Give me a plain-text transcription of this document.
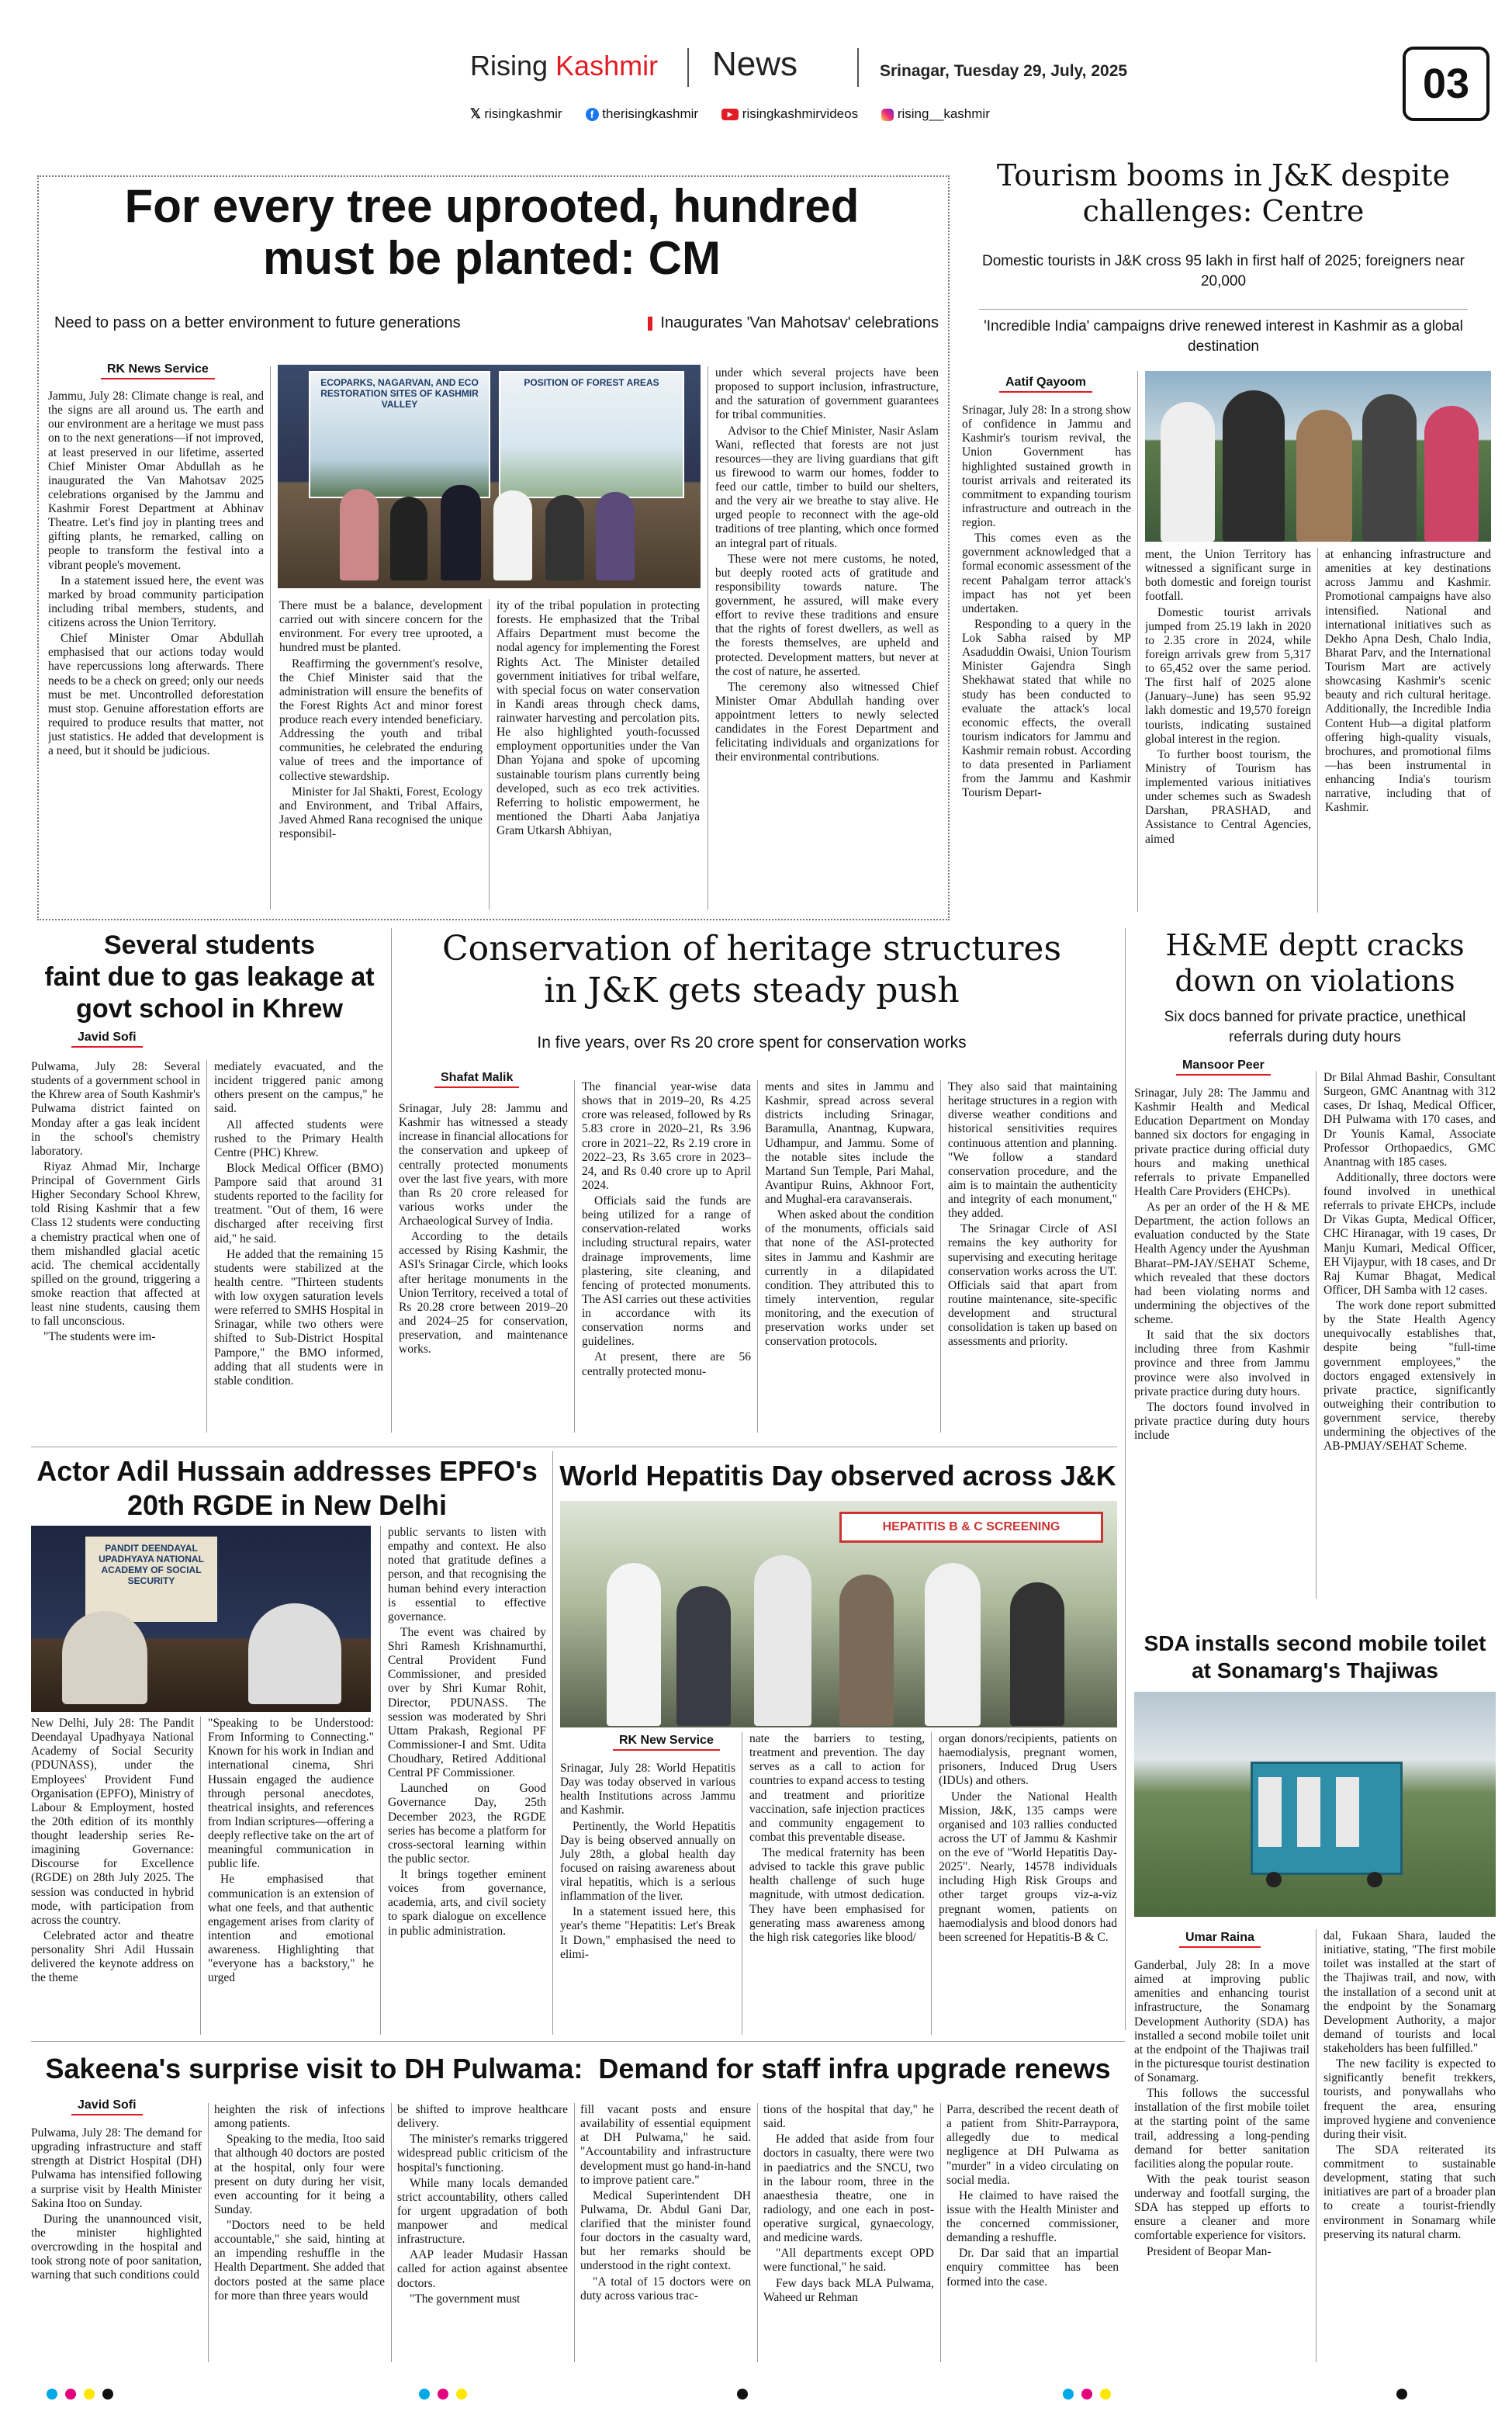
Rising Kashmir News	Srinagar, Tuesday 29, July, 2025	03
𝕏 risingkashmir	f therisingkashmir	▶ risingkashmirvideos	rising__kashmir
For every tree uprooted, hundred
must be planted: CM
Need to pass on a better environment to future generations	Inaugurates 'Van Mahotsav' celebrations
RK News Service

Jammu, July 28: Climate change is real, and the signs are all around us. The earth and our environment are a heritage we must pass on to the next generations—if not improved, at least preserved in our lifetime, asserted Chief Minister Omar Abdullah as he inaugurated the Van Mahotsav 2025 celebrations organised by the Jammu and Kashmir Forest Department at Abhinav Theatre. Let's find joy in planting trees and gifting plants, he remarked, calling on people to transform the festival into a vibrant people's movement.

In a statement issued here, the event was marked by broad community participation including tribal members, students, and citizens across the Union Territory.

Chief Minister Omar Abdullah emphasised that our actions today would have repercussions long afterwards. There needs to be a check on greed; only our needs must be met. Uncontrolled deforestation must stop. Genuine afforestation efforts are required to produce results that matter, not just statistics. He added that development is a need, but it should be judicious.

ECOPARKS, NAGARVAN, AND ECO RESTORATION SITES OF KASHMIR VALLEY
POSITION OF FOREST AREAS

There must be a balance, development carried out with sincere concern for the environment. For every tree uprooted, a hundred must be planted.

Reaffirming the government's resolve, the Chief Minister said that the administration will ensure the benefits of the Forest Rights Act and minor forest produce reach every intended beneficiary. Addressing the youth and tribal communities, he celebrated the enduring value of trees and the importance of collective stewardship.

Minister for Jal Shakti, Forest, Ecology and Environment, and Tribal Affairs, Javed Ahmed Rana recognised the unique responsibil-

ity of the tribal population in protecting forests. He emphasized that the Tribal Affairs Department must become the nodal agency for implementing the Forest Rights Act. The Minister detailed government initiatives for tribal welfare, with special focus on water conservation in Kandi areas through check dams, rainwater harvesting and percolation pits. He also highlighted youth-focussed employment opportunities under the Van Dhan Yojana and spoke of upcoming sustainable tourism plans currently being developed, such as eco trek activities. Referring to holistic empowerment, he mentioned the Dharti Aaba Janjatiya Gram Utkarsh Abhiyan,

under which several projects have been proposed to support inclusion, infrastructure, and the saturation of government guarantees for tribal communities.

Advisor to the Chief Minister, Nasir Aslam Wani, reflected that forests are not just resources—they are living guardians that gift us firewood to warm our homes, fodder to feed our cattle, timber to build our shelters, and the very air we breathe to stay alive. He urged people to reconnect with the age-old traditions of tree planting, which once formed an integral part of rituals.

These were not mere customs, he noted, but deeply rooted acts of gratitude and responsibility towards nature. The government, he assured, will make every effort to revive these traditions and ensure that the rights of forest dwellers, as well as the forests themselves, are upheld and protected. Development matters, but never at the cost of nature, he asserted.

The ceremony also witnessed Chief Minister Omar Abdullah handing over appointment letters to newly selected candidates in the Forest Department and felicitating individuals and organizations for their environmental contributions.

Tourism booms in J&K despite
challenges: Centre
Domestic tourists in J&K cross 95 lakh in first half of 2025; foreigners near 20,000
'Incredible India' campaigns drive renewed interest in Kashmir as a global destination
Aatif Qayoom

Srinagar, July 28: In a strong show of confidence in Jammu and Kashmir's tourism revival, the Union Government has highlighted sustained growth in tourist arrivals and reiterated its commitment to expanding tourism infrastructure and outreach in the region.

This comes even as the government acknowledged that a formal economic assessment of the recent Pahalgam terror attack's impact has not yet been undertaken.

Responding to a query in the Lok Sabha raised by MP Asaduddin Owaisi, Union Tourism Minister Gajendra Singh Shekhawat stated that while no study has been conducted to evaluate the attack's local economic effects, the overall tourism indicators for Jammu and Kashmir remain robust. According to data presented in Parliament from the Jammu and Kashmir Tourism Depart-

ment, the Union Territory has witnessed a significant surge in both domestic and foreign tourist footfall.

Domestic tourist arrivals jumped from 25.19 lakh in 2020 to 2.35 crore in 2024, while foreign arrivals grew from 5,317 to 65,452 over the same period. The first half of 2025 alone (January–June) has seen 95.92 lakh domestic and 19,570 foreign tourists, indicating sustained global interest in the region.

To further boost tourism, the Ministry of Tourism has implemented various initiatives under schemes such as Swadesh Darshan, PRASHAD, and Assistance to Central Agencies, aimed

at enhancing infrastructure and amenities at key destinations across Jammu and Kashmir. Promotional campaigns have also intensified. National and international initiatives such as Dekho Apna Desh, Chalo India, Bharat Parv, and the International Tourism Mart are actively showcasing Kashmir's scenic beauty and rich cultural heritage. Additionally, the Incredible India Content Hub—a digital platform offering high-quality visuals, brochures, and promotional films—has been instrumental in enhancing India's tourism narrative, including that of Kashmir.

Several students
faint due to gas leakage at
govt school in Khrew
Javid Sofi

Pulwama, July 28: Several students of a government school in the Khrew area of South Kashmir's Pulwama district fainted on Monday after a gas leak incident in the school's chemistry laboratory.

Riyaz Ahmad Mir, Incharge Principal of Government Girls Higher Secondary School Khrew, told Rising Kashmir that a few Class 12 students were conducting a chemistry practical when one of them mishandled glacial acetic acid. The chemical accidentally spilled on the ground, triggering a smoke reaction that affected at least nine students, causing them to fall unconscious.

"The students were im-

mediately evacuated, and the incident triggered panic among others present on the campus," he said.

All affected students were rushed to the Primary Health Centre (PHC) Khrew.

Block Medical Officer (BMO) Pampore said that around 31 students reported to the facility for treatment. "Out of them, 16 were discharged after receiving first aid," he said.

He added that the remaining 15 students were stabilized at the health centre. "Thirteen students with low oxygen saturation levels were referred to SMHS Hospital in Srinagar, while two others were shifted to Sub-District Hospital Pampore," the BMO informed, adding that all students were in stable condition.

Conservation of heritage structures
in J&K gets steady push
In five years, over Rs 20 crore spent for conservation works
Shafat Malik

Srinagar, July 28: Jammu and Kashmir has witnessed a steady increase in financial allocations for the conservation and upkeep of centrally protected monuments over the last five years, with more than Rs 20 crore released for various works under the Archaeological Survey of India.

According to the details accessed by Rising Kashmir, the ASI's Srinagar Circle, which looks after heritage monuments in the Union Territory, received a total of Rs 20.28 crore between 2019–20 and 2024–25 for conservation, preservation, and maintenance works.

The financial year-wise data shows that in 2019–20, Rs 4.25 crore was released, followed by Rs 5.83 crore in 2020–21, Rs 3.96 crore in 2021–22, Rs 2.19 crore in 2022–23, Rs 3.65 crore in 2023–24, and Rs 0.40 crore up to April 2024.

Officials said the funds are being utilized for a range of conservation-related works including structural repairs, water drainage improvements, lime plastering, site cleaning, and fencing of protected monuments. The ASI carries out these activities in accordance with its conservation norms and guidelines.

At present, there are 56 centrally protected monu-

ments and sites in Jammu and Kashmir, spread across several districts including Srinagar, Baramulla, Anantnag, Kupwara, Udhampur, and Jammu. Some of the notable sites include the Martand Sun Temple, Pari Mahal, Avantipur Ruins, Akhnoor Fort, and Mughal-era caravanserais.

When asked about the condition of the monuments, officials said that none of the ASI-protected sites in Jammu and Kashmir are currently in a dilapidated condition. They attributed this to timely intervention, regular monitoring, and the execution of preservation works under set conservation protocols.

They also said that maintaining heritage structures in a region with diverse weather conditions and historical sensitivities requires continuous attention and planning. "We follow a standard conservation procedure, and the aim is to maintain the authenticity and integrity of each monument," they added.

The Srinagar Circle of ASI remains the key authority for supervising and executing heritage conservation works across the UT. Officials said that apart from routine maintenance, site-specific development and structural consolidation is taken up based on assessments and priority.

H&ME deptt cracks
down on violations
Six docs banned for private practice, unethical referrals during duty hours
Mansoor Peer

Srinagar, July 28: The Jammu and Kashmir Health and Medical Education Department on Monday banned six doctors for engaging in private practice during official duty hours and making unethical referrals to private Empanelled Health Care Providers (EHCPs).

As per an order of the H & ME Department, the action follows an evaluation conducted by the State Health Agency under the Ayushman Bharat–PM-JAY/SEHAT Scheme, which revealed that these doctors had been violating norms and undermining the objectives of the scheme.

It said that the six doctors including three from Kashmir province and three from Jammu province were also involved in private practice during duty hours.

The doctors found involved in private practice during duty hours include

Dr Bilal Ahmad Bashir, Consultant Surgeon, GMC Anantnag with 312 cases, Dr Ishaq, Medical Officer, DH Pulwama with 170 cases, and Dr Younis Kamal, Associate Professor Orthopaedics, GMC Anantnag with 185 cases.

Additionally, three doctors were found involved in unethical referrals to private EHCPs, include Dr Vikas Gupta, Medical Officer, CHC Hiranagar, with 19 cases, Dr Manju Kumari, Medical Officer, EH Vijaypur, with 18 cases, and Dr Raj Kumar Bhagat, Medical Officer, DH Samba with 12 cases.

The work done report submitted by the State Health Agency unequivocally establishes that, despite being "full-time government employees," the doctors engaged extensively in private practice, significantly outweighing their contribution to government service, thereby undermining the objectives of the AB-PMJAY/SEHAT Scheme.

Actor Adil Hussain addresses EPFO's
20th RGDE in New Delhi
PANDIT DEENDAYAL UPADHYAYA NATIONAL ACADEMY OF SOCIAL SECURITY

New Delhi, July 28: The Pandit Deendayal Upadhyaya National Academy of Social Security (PDUNASS), under the Employees' Provident Fund Organisation (EPFO), Ministry of Labour & Employment, hosted the 20th edition of its monthly thought leadership series Re-imagining Governance: Discourse for Excellence (RGDE) on 28th July 2025. The session was conducted in hybrid mode, with participation from across the country.

Celebrated actor and theatre personality Shri Adil Hussain delivered the keynote address on the theme

"Speaking to be Understood: From Informing to Connecting." Known for his work in Indian and international cinema, Shri Hussain engaged the audience through personal anecdotes, theatrical insights, and references from Indian scriptures—offering a deeply reflective take on the art of meaningful communication in public life.

He emphasised that communication is an extension of what one feels, and that authentic engagement arises from clarity of intention and emotional awareness. Highlighting that "everyone has a backstory," he urged

public servants to listen with empathy and context. He also noted that gratitude defines a person, and that recognising the human behind every interaction is essential to effective governance.

The event was chaired by Shri Ramesh Krishnamurthi, Central Provident Fund Commissioner, and presided over by Shri Kumar Rohit, Director, PDUNASS. The session was moderated by Shri Uttam Prakash, Regional PF Commissioner-I and Smt. Udita Choudhary, Retired Additional Central PF Commissioner.

Launched on Good Governance Day, 25th December 2023, the RGDE series has become a platform for cross-sectoral learning within the public sector.

It brings together eminent voices from governance, academia, arts, and civil society to spark dialogue on excellence in public administration.

World Hepatitis Day observed across J&K
HEPATITIS B & C SCREENING
RK New Service

Srinagar, July 28: World Hepatitis Day was today observed in various health Institutions across Jammu and Kashmir.

Pertinently, the World Hepatitis Day is being observed annually on July 28th, a global health day focused on raising awareness about viral hepatitis, which is a serious inflammation of the liver.

In a statement issued here, this year's theme "Hepatitis: Let's Break It Down," emphasised the need to elimi-

nate the barriers to testing, treatment and prevention. The day serves as a call to action for countries to expand access to testing and treatment and prioritize vaccination, safe injection practices and community engagement to combat this preventable disease.

The medical fraternity has been advised to tackle this grave public health challenge of such huge magnitude, with utmost dedication. They have been emphasised for generating mass awareness among the high risk categories like blood/

organ donors/recipients, patients on haemodialysis, pregnant women, prisoners, Induced Drug Users (IDUs) and others.

Under the National Health Mission, J&K, 135 camps were organised and 103 rallies conducted across the UT of Jammu & Kashmir on the eve of "World Hepatitis Day-2025". Nearly, 14578 individuals including High Risk Groups and other target groups viz-a-viz pregnant women, patients on haemodialysis and blood donors had been screened for Hepatitis-B & C.

SDA installs second mobile toilet
at Sonamarg's Thajiwas
Umar Raina

Ganderbal, July 28: In a move aimed at improving public amenities and enhancing tourist infrastructure, the Sonamarg Development Authority (SDA) has installed a second mobile toilet unit at the endpoint of the Thajiwas trail in the picturesque tourist destination of Sonamarg.

This follows the successful installation of the first mobile toilet at the starting point of the same trail, addressing a long-pending demand for better sanitation facilities along the popular route.

With the peak tourist season underway and footfall surging, the SDA has stepped up efforts to ensure a cleaner and more comfortable experience for visitors.

President of Beopar Man-

dal, Fukaan Shara, lauded the initiative, stating, "The first mobile toilet was installed at the start of the Thajiwas trail, and now, with the installation of a second unit at the endpoint by the Sonamarg Development Authority, a major demand of tourists and local stakeholders has been fulfilled."

The new facility is expected to significantly benefit trekkers, tourists, and ponywallahs who frequent the area, ensuring improved hygiene and convenience during their visit.

The SDA reiterated its commitment to sustainable development, stating that such initiatives are part of a broader plan to create a tourist-friendly environment in Sonamarg while preserving its natural charm.

Sakeena's surprise visit to DH Pulwama:  Demand for staff infra upgrade renews
Javid Sofi

Pulwama, July 28: The demand for upgrading infrastructure and staff strength at District Hospital (DH) Pulwama has intensified following a surprise visit by Health Minister Sakina Itoo on Sunday.

During the unannounced visit, the minister highlighted overcrowding in the hospital and took strong note of poor sanitation, warning that such conditions could

heighten the risk of infections among patients.

Speaking to the media, Itoo said that although 40 doctors are posted at the hospital, only four were present on duty during her visit, even accounting for it being a Sunday.

"Doctors need to be held accountable," she said, hinting at an impending reshuffle in the Health Department. She added that doctors posted at the same place for more than three years would

be shifted to improve healthcare delivery.

The minister's remarks triggered widespread public criticism of the hospital's functioning.

While many locals demanded strict accountability, others called for urgent upgradation of both manpower and medical infrastructure.

AAP leader Mudasir Hassan called for action against absentee doctors.

"The government must

fill vacant posts and ensure availability of essential equipment at DH Pulwama," he said. "Accountability and infrastructure development must go hand-in-hand to improve patient care."

Medical Superintendent DH Pulwama, Dr. Abdul Gani Dar, clarified that the minister found four doctors in the casualty ward, but her remarks should be understood in the right context.

"A total of 15 doctors were on duty across various trac-

tions of the hospital that day," he said.

He added that aside from four doctors in casualty, there were two in paediatrics and the SNCU, two in the labour room, three in the anaesthesia theatre, one in radiology, and one each in post-operative surgical, gynaecology, and medicine wards.

"All departments except OPD were functional," he said.

Few days back MLA Pulwama, Waheed ur Rehman

Parra, described the recent death of a patient from Shitr-Parraypora, allegedly due to medical negligence at DH Pulwama as "murder" in a video circulating on social media.

He claimed to have raised the issue with the Health Minister and the concerned commissioner, demanding a reshuffle.

Dr. Dar said that an impartial enquiry committee has been formed into the case.
